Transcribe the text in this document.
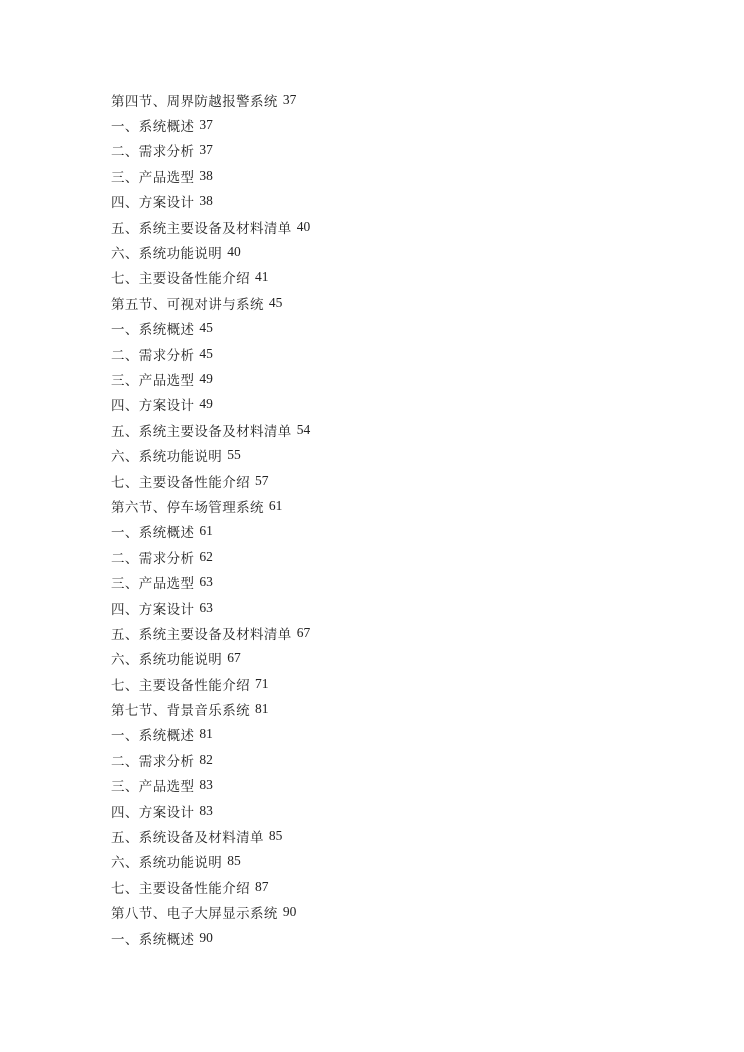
第四节、周界防越报警系统 37
一、系统概述 37
二、需求分析 37
三、产品选型 38
四、方案设计 38
五、系统主要设备及材料清单 40
六、系统功能说明 40
七、主要设备性能介绍 41
第五节、可视对讲与系统 45
一、系统概述 45
二、需求分析 45
三、产品选型 49
四、方案设计 49
五、系统主要设备及材料清单 54
六、系统功能说明 55
七、主要设备性能介绍 57
第六节、停车场管理系统 61
一、系统概述 61
二、需求分析 62
三、产品选型 63
四、方案设计 63
五、系统主要设备及材料清单 67
六、系统功能说明 67
七、主要设备性能介绍 71
第七节、背景音乐系统 81
一、系统概述 81
二、需求分析 82
三、产品选型 83
四、方案设计 83
五、系统设备及材料清单 85
六、系统功能说明 85
七、主要设备性能介绍 87
第八节、电子大屏显示系统 90
一、系统概述 90
